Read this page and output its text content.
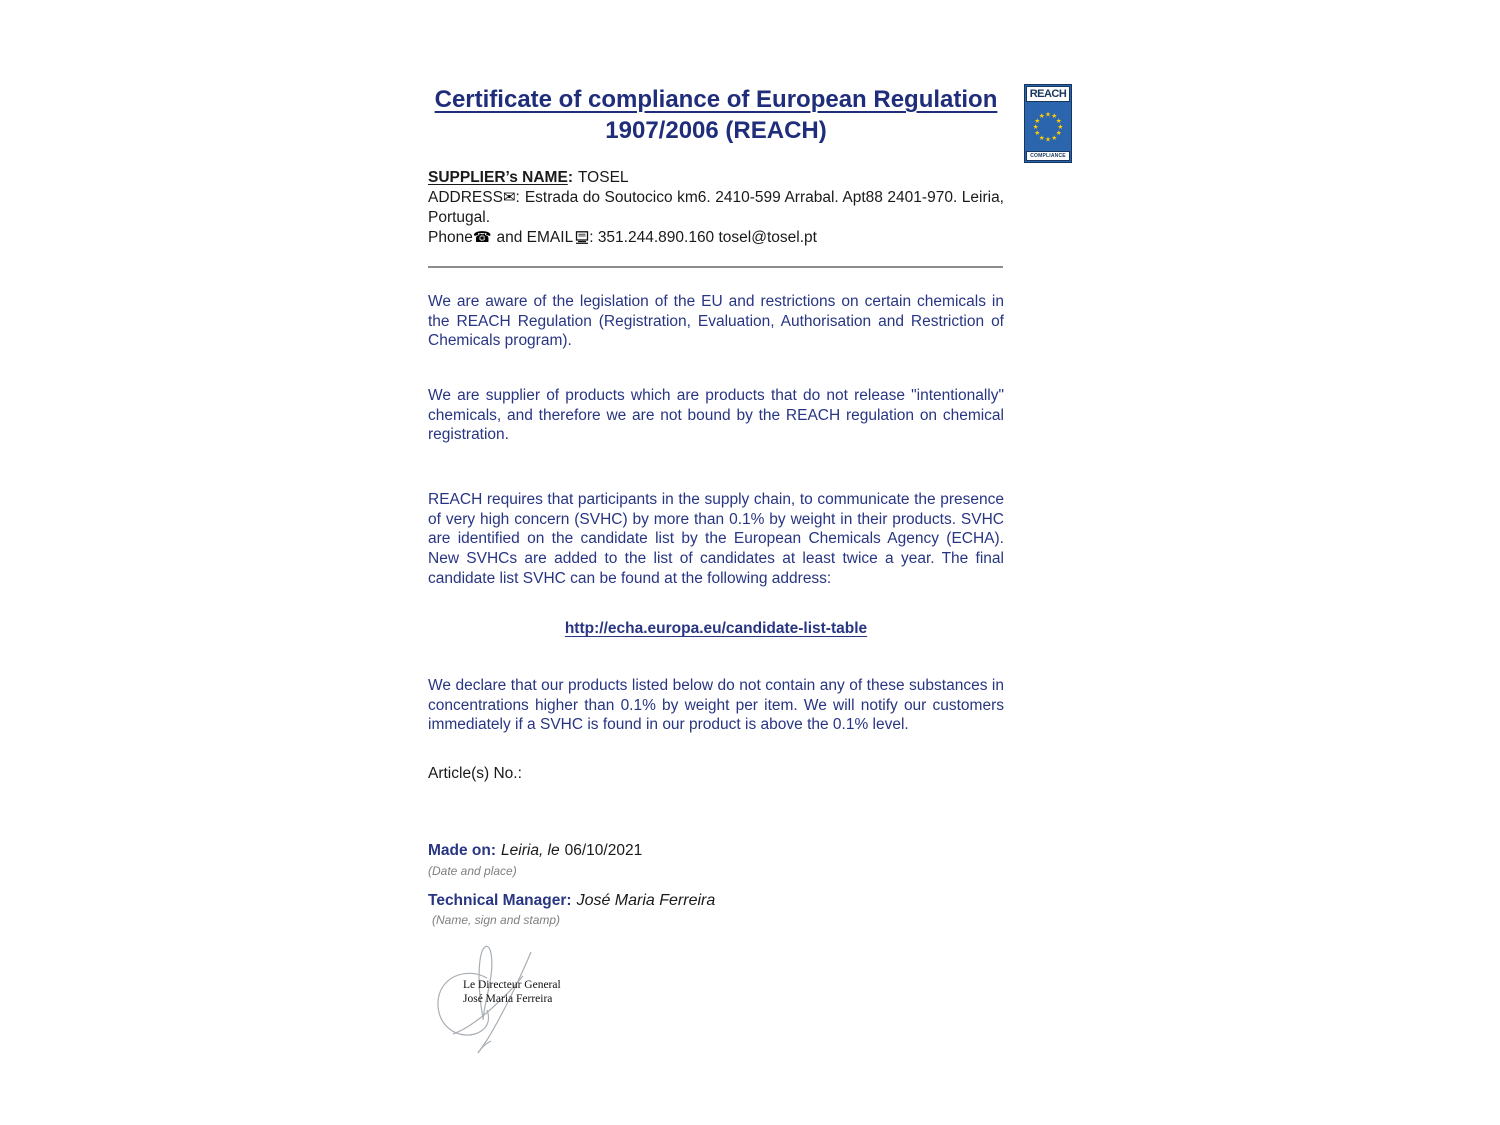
Certificate of compliance of European Regulation
1907/2006 (REACH)
REACH
★ ★
★
★
★
★
★
★
★
★
★
★
COMPLIANCE
SUPPLIER’s NAME: TOSEL
ADDRESS✉: Estrada do Soutocico km6. 2410-599 Arrabal. Apt88 2401-970. Leiria, Portugal.
Phone☎ and EMAIL : 351.244.890.160 tosel@tosel.pt

We are aware of the legislation of the EU and restrictions on certain chemicals in the REACH Regulation (Registration, Evaluation, Authorisation and Restriction of Chemicals program).

We are supplier of products which are products that do not release "intentionally" chemicals, and therefore we are not bound by the REACH regulation on chemical registration.

REACH requires that participants in the supply chain, to communicate the presence of very high concern (SVHC) by more than 0.1% by weight in their products. SVHC are identified on the candidate list by the European Chemicals Agency (ECHA). New SVHCs are added to the list of candidates at least twice a year. The final candidate list SVHC can be found at the following address:

http://echa.europa.eu/candidate-list-table

We declare that our products listed below do not contain any of these substances in concentrations higher than 0.1% by weight per item. We will notify our customers immediately if a SVHC is found in our product is above the 0.1% level.

Article(s) No.:
Made on: Leiria, le 06/10/2021
(Date and place)
Technical Manager: José Maria Ferreira
(Name, sign and stamp)
Le Directeur General
José Maria Ferreira
